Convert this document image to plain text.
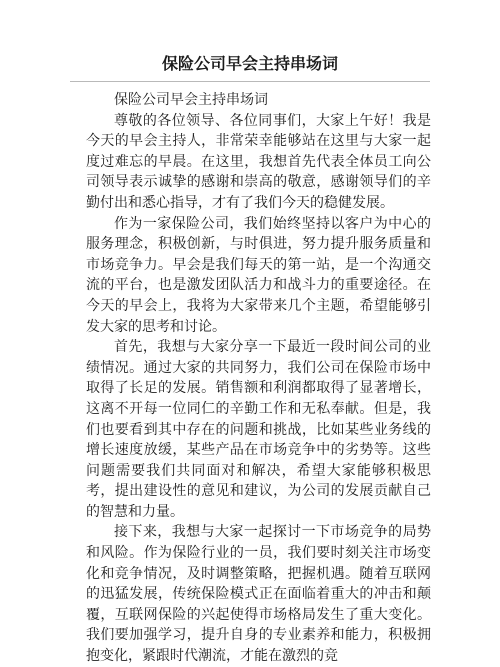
保险公司早会主持串场词

保险公司早会主持串场词

尊敬的各位领导、各位同事们，大家上午好！我是今天的早会主持人，非常荣幸能够站在这里与大家一起度过难忘的早晨。在这里，我想首先代表全体员工向公司领导表示诚挚的感谢和崇高的敬意，感谢领导们的辛勤付出和悉心指导，才有了我们今天的稳健发展。

作为一家保险公司，我们始终坚持以客户为中心的服务理念，积极创新，与时俱进，努力提升服务质量和市场竞争力。早会是我们每天的第一站，是一个沟通交流的平台，也是激发团队活力和战斗力的重要途径。在今天的早会上，我将为大家带来几个主题，希望能够引发大家的思考和讨论。

首先，我想与大家分享一下最近一段时间公司的业绩情况。通过大家的共同努力，我们公司在保险市场中取得了长足的发展。销售额和利润都取得了显著增长，这离不开每一位同仁的辛勤工作和无私奉献。但是，我们也要看到其中存在的问题和挑战，比如某些业务线的增长速度放缓，某些产品在市场竞争中的劣势等。这些问题需要我们共同面对和解决，希望大家能够积极思考，提出建设性的意见和建议，为公司的发展贡献自己的智慧和力量。

接下来，我想与大家一起探讨一下市场竞争的局势和风险。作为保险行业的一员，我们要时刻关注市场变化和竞争情况，及时调整策略，把握机遇。随着互联网的迅猛发展，传统保险模式正在面临着重大的冲击和颠覆，互联网保险的兴起使得市场格局发生了重大变化。我们要加强学习，提升自身的专业素养和能力，积极拥抱变化，紧跟时代潮流，才能在激烈的竞
